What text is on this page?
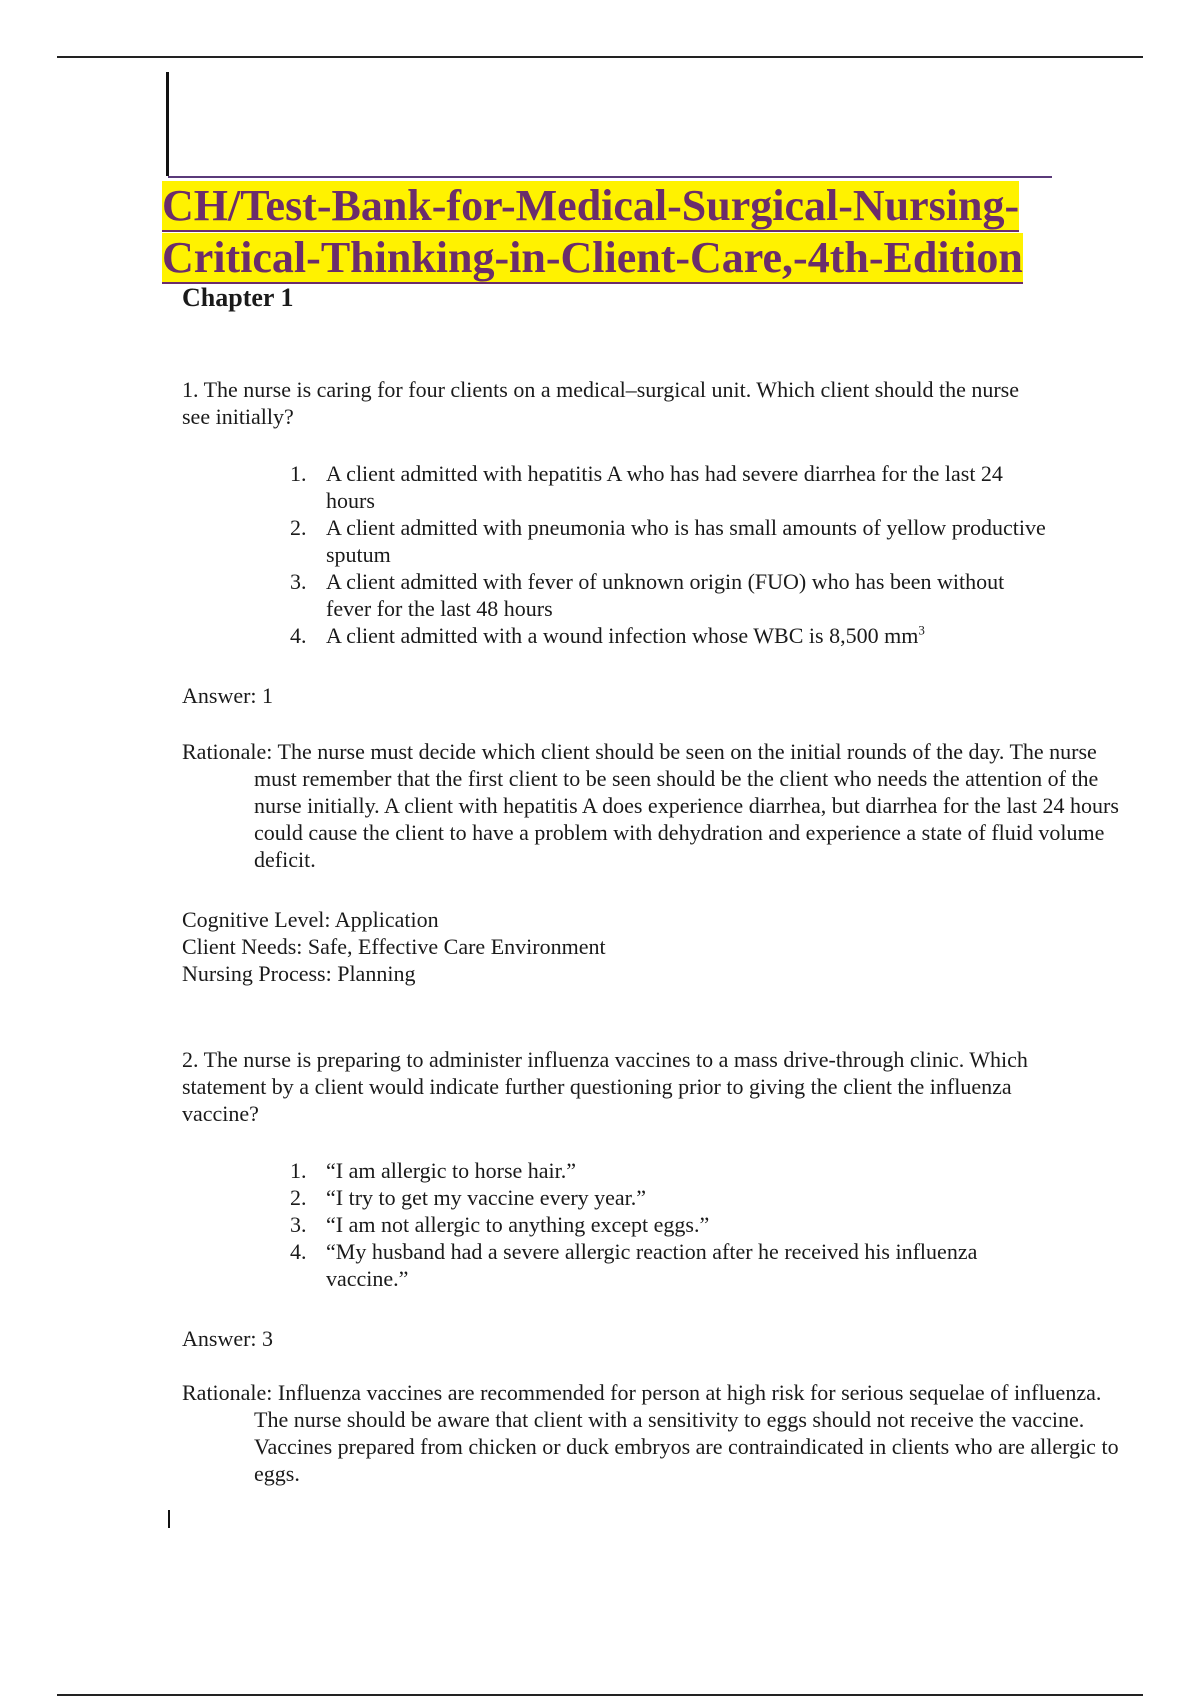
CH/Test-Bank-for-Medical-Surgical-Nursing-Critical-Thinking-in-Client-Care,-4th-Edition
Chapter 1
1. The nurse is caring for four clients on a medical–surgical unit. Which client should the nurse see initially?
1. A client admitted with hepatitis A who has had severe diarrhea for the last 24 hours
2. A client admitted with pneumonia who is has small amounts of yellow productive sputum
3. A client admitted with fever of unknown origin (FUO) who has been without fever for the last 48 hours
4. A client admitted with a wound infection whose WBC is 8,500 $mm^3$
Answer: 1
Rationale: The nurse must decide which client should be seen on the initial rounds of the day. The nurse must remember that the first client to be seen should be the client who needs the attention of the nurse initially. A client with hepatitis A does experience diarrhea, but diarrhea for the last 24 hours could cause the client to have a problem with dehydration and experience a state of fluid volume deficit.
Cognitive Level: Application
Client Needs: Safe, Effective Care Environment
Nursing Process: Planning
2. The nurse is preparing to administer influenza vaccines to a mass drive-through clinic. Which statement by a client would indicate further questioning prior to giving the client the influenza vaccine?
1. “I am allergic to horse hair.”
2. “I try to get my vaccine every year.”
3. “I am not allergic to anything except eggs.”
4. “My husband had a severe allergic reaction after he received his influenza vaccine.”
Answer: 3
Rationale: Influenza vaccines are recommended for person at high risk for serious sequelae of influenza. The nurse should be aware that client with a sensitivity to eggs should not receive the vaccine. Vaccines prepared from chicken or duck embryos are contraindicated in clients who are allergic to eggs.
